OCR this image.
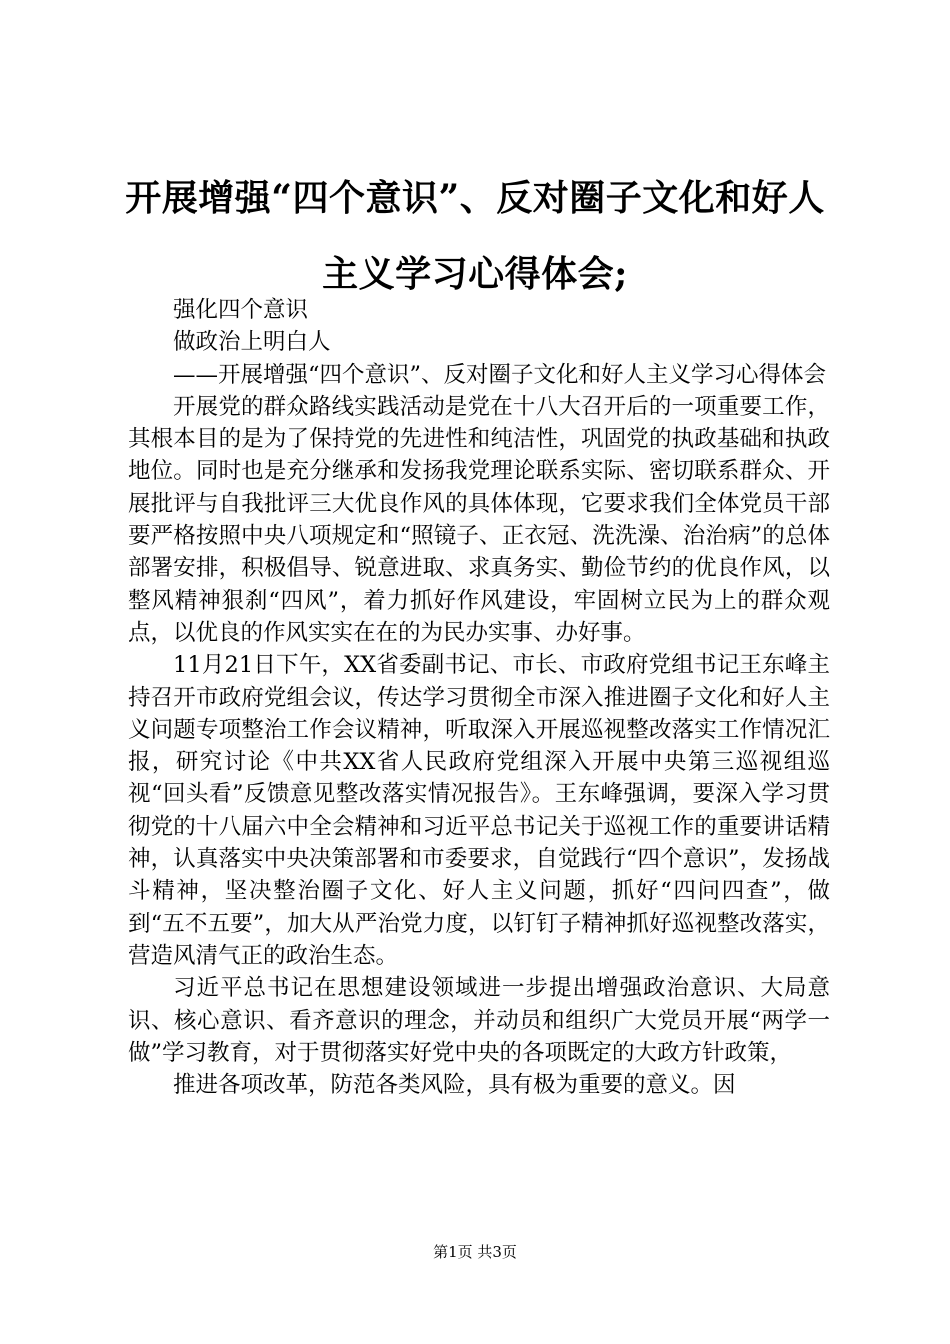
开展增强“四个意识”、反对圈子文化和好人主义学习心得体会;

强化四个意识

做政治上明白人

——开展增强“四个意识”、反对圈子文化和好人主义学习心得体会

开展党的群众路线实践活动是党在十八大召开后的一项重要工作，其根本目的是为了保持党的先进性和纯洁性，巩固党的执政基础和执政地位。同时也是充分继承和发扬我党理论联系实际、密切联系群众、开展批评与自我批评三大优良作风的具体体现，它要求我们全体党员干部要严格按照中央八项规定和“照镜子、正衣冠、洗洗澡、治治病”的总体部署安排，积极倡导、锐意进取、求真务实、勤俭节约的优良作风，以整风精神狠刹“四风”，着力抓好作风建设，牢固树立民为上的群众观点，以优良的作风实实在在的为民办实事、办好事。

11月21日下午，XX省委副书记、市长、市政府党组书记王东峰主持召开市政府党组会议，传达学习贯彻全市深入推进圈子文化和好人主义问题专项整治工作会议精神，听取深入开展巡视整改落实工作情况汇报，研究讨论《中共XX省人民政府党组深入开展中央第三巡视组巡视“回头看”反馈意见整改落实情况报告》。王东峰强调，要深入学习贯彻党的十八届六中全会精神和习近平总书记关于巡视工作的重要讲话精神，认真落实中央决策部署和市委要求，自觉践行“四个意识”，发扬战斗精神，坚决整治圈子文化、好人主义问题，抓好“四问四查”，做到“五不五要”，加大从严治党力度，以钉钉子精神抓好巡视整改落实，营造风清气正的政治生态。

习近平总书记在思想建设领域进一步提出增强政治意识、大局意识、核心意识、看齐意识的理念，并动员和组织广大党员开展“两学一做”学习教育，对于贯彻落实好党中央的各项既定的大政方针政策，

推进各项改革，防范各类风险，具有极为重要的意义。因

第1页 共3页
